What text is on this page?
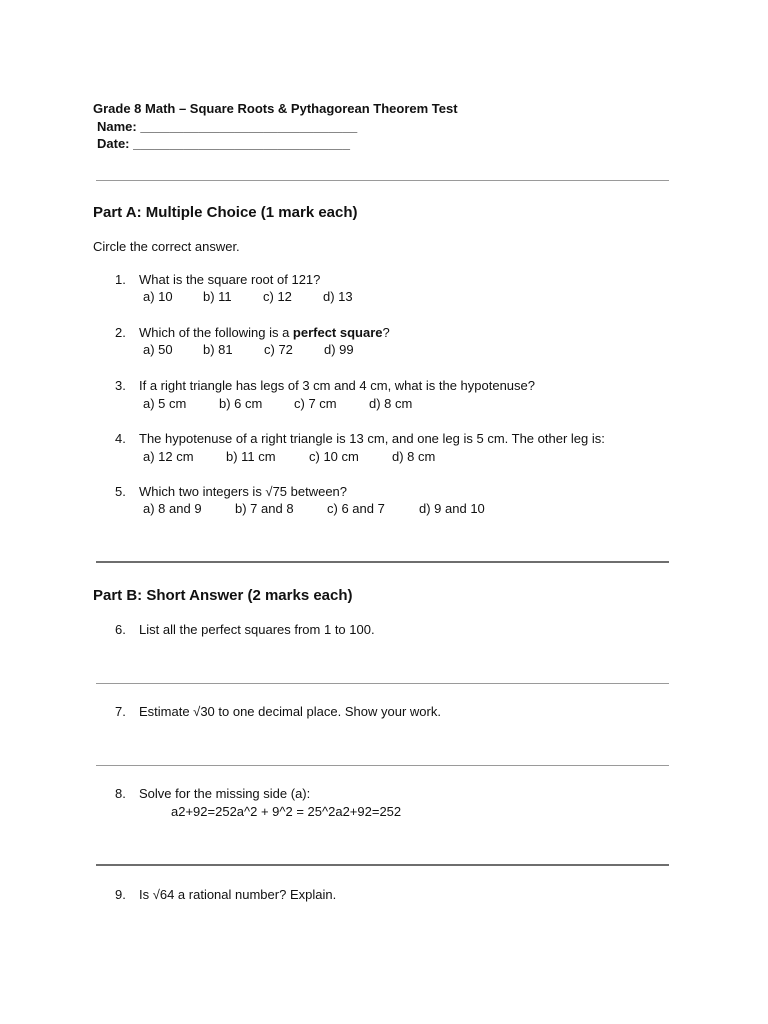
Grade 8 Math – Square Roots & Pythagorean Theorem Test
Name: ______________________________
Date: ______________________________
Part A: Multiple Choice (1 mark each)
Circle the correct answer.
1. What is the square root of 121?
a) 10 b) 11 c) 12 d) 13
2. Which of the following is a perfect square?
a) 50 b) 81 c) 72 d) 99
3. If a right triangle has legs of 3 cm and 4 cm, what is the hypotenuse?
a) 5 cm	b) 6 cm c) 7 cm d) 8 cm
4. The hypotenuse of a right triangle is 13 cm, and one leg is 5 cm. The other leg is:
a) 12 cm b) 11 cm	c) 10 cm	d) 8 cm
5. Which two integers is √75 between?
a) 8 and 9	b) 7 and 8	c) 6 and 7	d) 9 and 10
Part B: Short Answer (2 marks each)
6. List all the perfect squares from 1 to 100.
7. Estimate √30 to one decimal place. Show your work.
8. Solve for the missing side (a):
a2+92=252a^2 + 9^2 = 25^2a2+92=252
9. Is √64 a rational number? Explain.
